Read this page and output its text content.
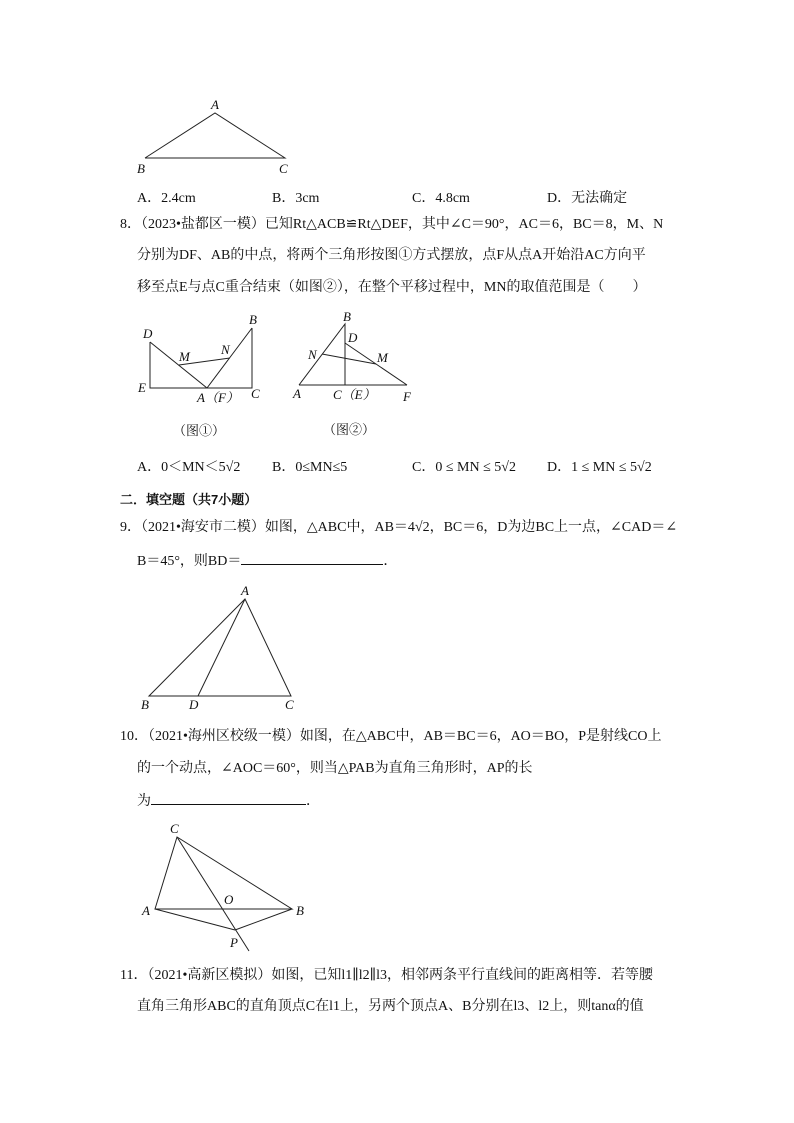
A
B	C
A．2.4cm	B．3cm	C．4.8cm	D．无法确定
8．（2023•盐都区一模）已知Rt△ACB≌Rt△DEF，其中∠C＝90°，AC＝6，BC＝8，M、N
分别为DF、AB的中点，将两个三角形按图①方式摆放，点F从点A开始沿AC方向平
移至点E与点C重合结束（如图②），在整个平移过程中，MN的取值范围是（　　）
D
B
M N
E
A（F） C
（图①）
B
D
N	M
A C（E） F
（图②）
A．0＜MN＜5√2 B．0≤MN≤5	C．0 ≤ MN ≤ 5√2 D．1 ≤ MN ≤ 5√2
二．填空题（共7小题）
9．（2021•海安市二模）如图，△ABC中，AB＝4√2，BC＝6，D为边BC上一点，∠CAD＝∠
B＝45°，则BD＝	．
A
B	D	C
10．（2021•海州区校级一模）如图，在△ABC中，AB＝BC＝6，AO＝BO，P是射线CO上
的一个动点，∠AOC＝60°，则当△PAB为直角三角形时，AP的长
为	．
C
A
O
B
P
11．（2021•高新区模拟）如图，已知l1∥l2∥l3，相邻两条平行直线间的距离相等．若等腰
直角三角形ABC的直角顶点C在l1上，另两个顶点A、B分别在l3、l2上，则tanα的值
